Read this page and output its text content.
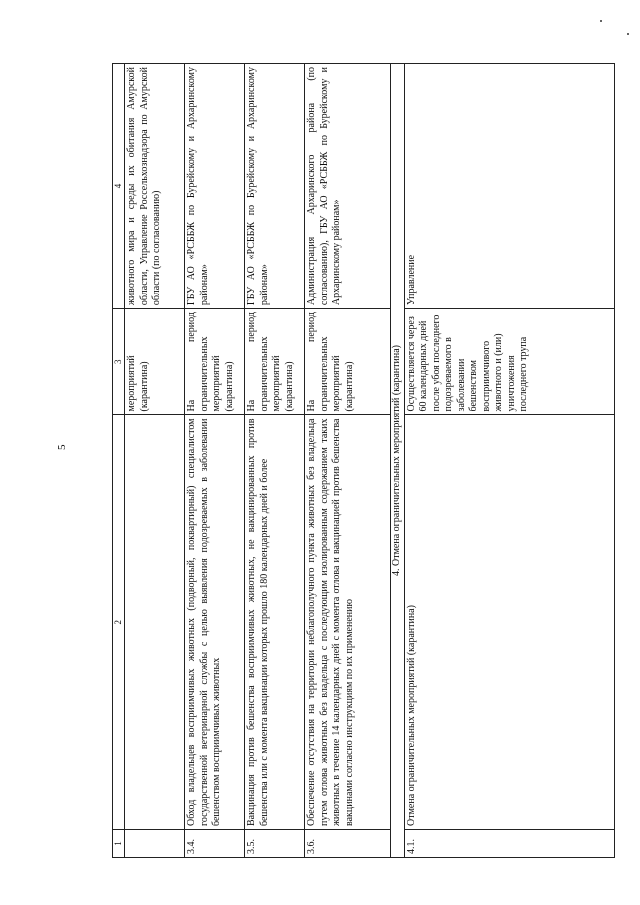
5
1	2	3	4
		мероприятий (карантина)	животного мира и среды их обитания Амурской области, Управление Россельхознадзора по Амурской области (по согласованию)
3.4.	Обход владельцев восприимчивых животных (подворный, поквартирный) специалистом государственной ветеринарной службы с целью выявления подозреваемых в заболевании бешенством восприимчивых животных	На период ограничительных мероприятий (карантина)	ГБУ АО «РСББЖ по Бурейскому и Архаринскому районам»
3.5.	Вакцинация против бешенства восприимчивых животных, не вакцинированных против бешенства или с момента вакцинации которых прошло 180 календарных дней и более	На период ограничительных мероприятий (карантина)	ГБУ АО «РСББЖ по Бурейскому и Архаринскому районам»
3.6.	Обеспечение отсутствия на территории неблагополучного пункта животных без владельца путем отлова животных без владельца с последующим изолированным содержанием таких животных в течение 14 календарных дней с момента отлова и вакцинацией против бешенства вакцинами согласно инструкциям по их применению	На период ограничительных мероприятий (карантина)	Администрация Архаринского района (по согласованию), ГБУ АО «РСББЖ по Бурейскому и Архаринскому районам»
4. Отмена ограничительных мероприятий (карантина)			
4.1.	Отмена ограничительных мероприятий (карантина)	Осуществляется через 60 календарных дней после убоя последнего подозреваемого в заболевании бешенством восприимчивого животного и (или) уничтожения последнего трупа	Управление
